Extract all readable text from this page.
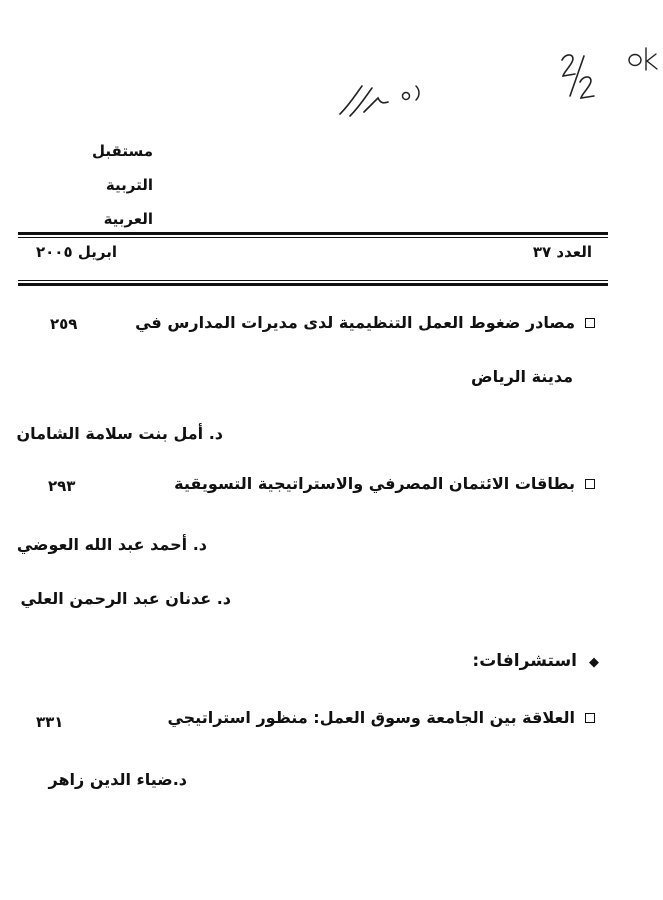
مستقبل
التربية
العربية
العدد ٣٧
ابريل ٢٠٠٥
مصادر ضغوط العمل التنظيمية لدى مديرات المدارس في
٢٥٩
مدينة الرياض
د. أمل بنت سلامة الشامان
بطاقات الائتمان المصرفي والاستراتيجية التسويقية
٢٩٣
د. أحمد عبد الله العوضي
د. عدنان عبد الرحمن العلي
◆استشرافات:
العلاقة بين الجامعة وسوق العمل: منظور استراتيجي
٣٣١
د.ضياء الدين زاهر
